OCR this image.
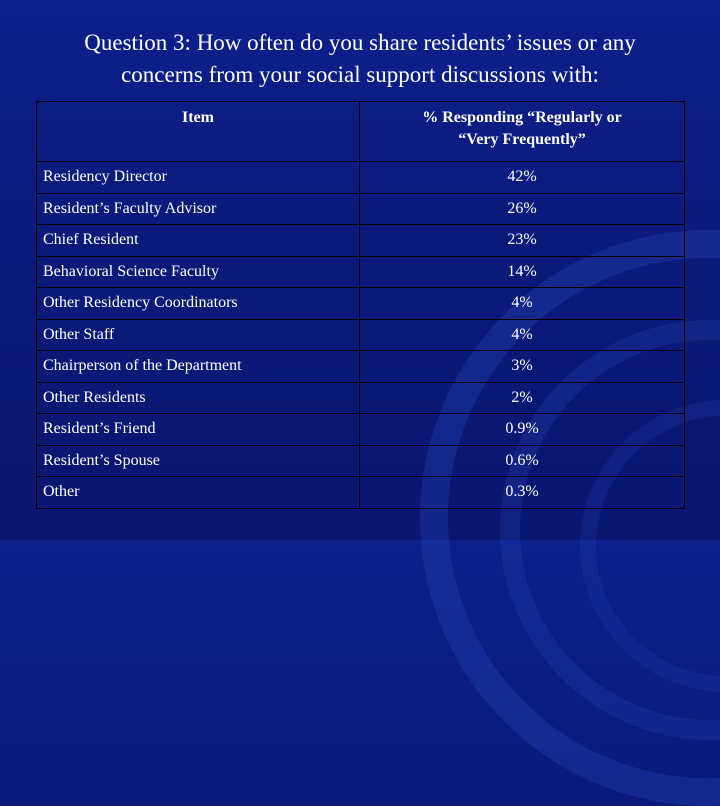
Question 3: How often do you share residents’ issues or any
concerns from your social support discussions with:
Item	% Responding “Regularly or
“Very Frequently”
Residency Director	42%
Resident’s Faculty Advisor	26%
Chief Resident	23%
Behavioral Science Faculty	14%
Other Residency Coordinators	4%
Other Staff	4%
Chairperson of the Department	3%
Other Residents	2%
Resident’s Friend	0.9%
Resident’s Spouse	0.6%
Other	0.3%
